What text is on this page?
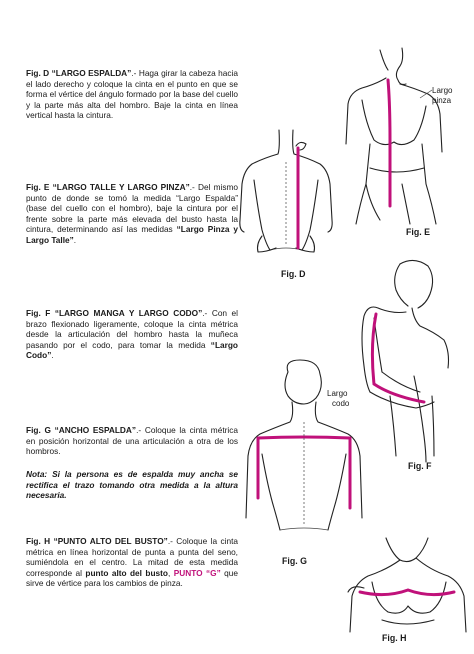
Fig. D “LARGO ESPALDA”.- Haga girar la cabeza hacia el lado derecho y coloque la cinta en el punto en que se forma el vértice del ángulo formado por la base del cuello y la parte más alta del hombro. Baje la cinta en línea vertical hasta la cintura.
Fig. E “LARGO TALLE Y LARGO PINZA”.- Del mismo punto de donde se tomó la medida “Largo Espalda” (base del cuello con el hombro), baje la cintura por el frente sobre la parte más elevada del busto hasta la cintura, determinando así las medidas “Largo Pinza y Largo Talle”.
Fig. F “LARGO MANGA Y LARGO CODO”.- Con el brazo flexionado ligeramente, coloque la cinta métrica desde la articulación del hombro hasta la muñeca pasando por el codo, para tomar la medida “Largo Codo”.
Fig. G “ANCHO ESPALDA”.- Coloque la cinta métrica en posición horizontal de una articulación a otra de los hombros.
Nota: Si la persona es de espalda muy ancha se rectifica el trazo tomando otra medida a la altura necesaria.
Fig. H “PUNTO ALTO DEL BUSTO”.- Coloque la cinta métrica en línea horizontal de punta a punta del seno, sumiéndola en el centro. La mitad de esta medida corresponde al punto alto del busto, PUNTO “G” que sirve de vértice para los cambios de pinza.
Fig. D
Largo
pinza
Fig. E
Largo
codo
Fig. F
Fig. G
Fig. H
